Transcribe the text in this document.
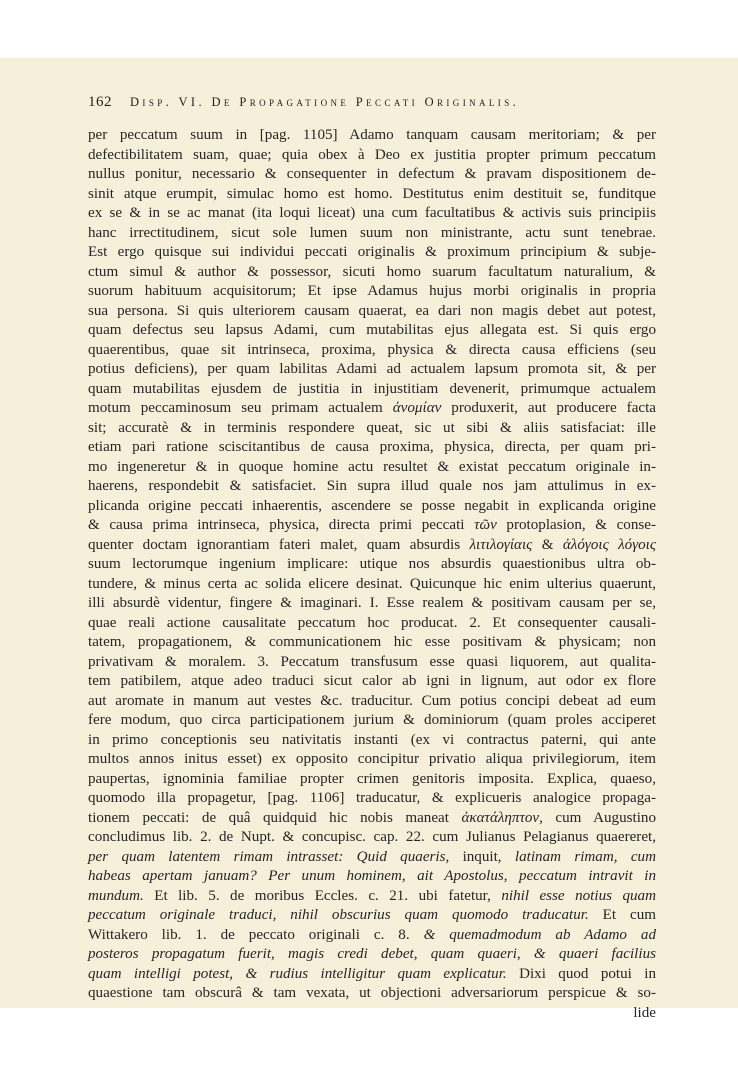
162 Disp. VI. De Propagatione Peccati Originalis.
per peccatum suum in [pag. 1105] Adamo tanquam causam meritoriam; & per
defectibilitatem suam, quae; quia obex à Deo ex justitia propter primum peccatum
nullus ponitur, necessario & consequenter in defectum & pravam dispositionem de-
sinit atque erumpit, simulac homo est homo. Destitutus enim destituit se, funditque
ex se & in se ac manat (ita loqui liceat) una cum facultatibus & activis suis principiis
hanc irrectitudinem, sicut sole lumen suum non ministrante, actu sunt tenebrae.
Est ergo quisque sui individui peccati originalis & proximum principium & subje-
ctum simul & author & possessor, sicuti homo suarum facultatum naturalium, &
suorum habituum acquisitorum; Et ipse Adamus hujus morbi originalis in propria
sua persona. Si quis ulteriorem causam quaerat, ea dari non magis debet aut potest,
quam defectus seu lapsus Adami, cum mutabilitas ejus allegata est. Si quis ergo
quaerentibus, quae sit intrinseca, proxima, physica & directa causa efficiens (seu
potius deficiens), per quam labilitas Adami ad actualem lapsum promota sit, & per
quam mutabilitas ejusdem de justitia in injustitiam devenerit, primumque actualem
motum peccaminosum seu primam actualem ἀνομίαν produxerit, aut producere facta
sit; accuratè & in terminis respondere queat, sic ut sibi & aliis satisfaciat: ille
etiam pari ratione sciscitantibus de causa proxima, physica, directa, per quam pri-
mo ingeneretur & in quoque homine actu resultet & existat peccatum originale in-
haerens, respondebit & satisfaciet. Sin supra illud quale nos jam attulimus in ex-
plicanda origine peccati inhaerentis, ascendere se posse negabit in explicanda origine
& causa prima intrinseca, physica, directa primi peccati τῶν protoplasion, & conse-
quenter doctam ignorantiam fateri malet, quam absurdis λιτιλογίαις & ἀλόγοις λόγοις
suum lectorumque ingenium implicare: utique nos absurdis quaestionibus ultra ob-
tundere, & minus certa ac solida elicere desinat. Quicunque hic enim ulterius quaerunt,
illi absurdè videntur, fingere & imaginari. I. Esse realem & positivam causam per se,
quae reali actione causalitate peccatum hoc producat. 2. Et consequenter causali-
tatem, propagationem, & communicationem hic esse positivam & physicam; non
privativam & moralem. 3. Peccatum transfusum esse quasi liquorem, aut qualita-
tem patibilem, atque adeo traduci sicut calor ab igni in lignum, aut odor ex flore
aut aromate in manum aut vestes &c. traducitur. Cum potius concipi debeat ad eum
fere modum, quo circa participationem jurium & dominiorum (quam proles acciperet
in primo conceptionis seu nativitatis instanti (ex vi contractus paterni, qui ante
multos annos initus esset) ex opposito concipitur privatio aliqua privilegiorum, item
paupertas, ignominia familiae propter crimen genitoris imposita. Explica, quaeso,
quomodo illa propagetur, [pag. 1106] traducatur, & explicueris analogice propaga-
tionem peccati: de quâ quidquid hic nobis maneat ἀκατάληπτον, cum Augustino
concludimus lib. 2. de Nupt. & concupisc. cap. 22. cum Julianus Pelagianus quaereret,
per quam latentem rimam intrasset: Quid quaeris, inquit, latinam rimam, cum
habeas apertam januam? Per unum hominem, ait Apostolus, peccatum intravit in
mundum. Et lib. 5. de moribus Eccles. c. 21. ubi fatetur, nihil esse notius quam
peccatum originale traduci, nihil obscurius quam quomodo traducatur. Et cum
Wittakero lib. 1. de peccato originali c. 8. & quemadmodum ab Adamo ad
posteros propagatum fuerit, magis credi debet, quam quaeri, & quaeri facilius
quam intelligi potest, & rudius intelligitur quam explicatur. Dixi quod potui in
quaestione tam obscurâ & tam vexata, ut objectioni adversariorum perspicue & so-
lide
